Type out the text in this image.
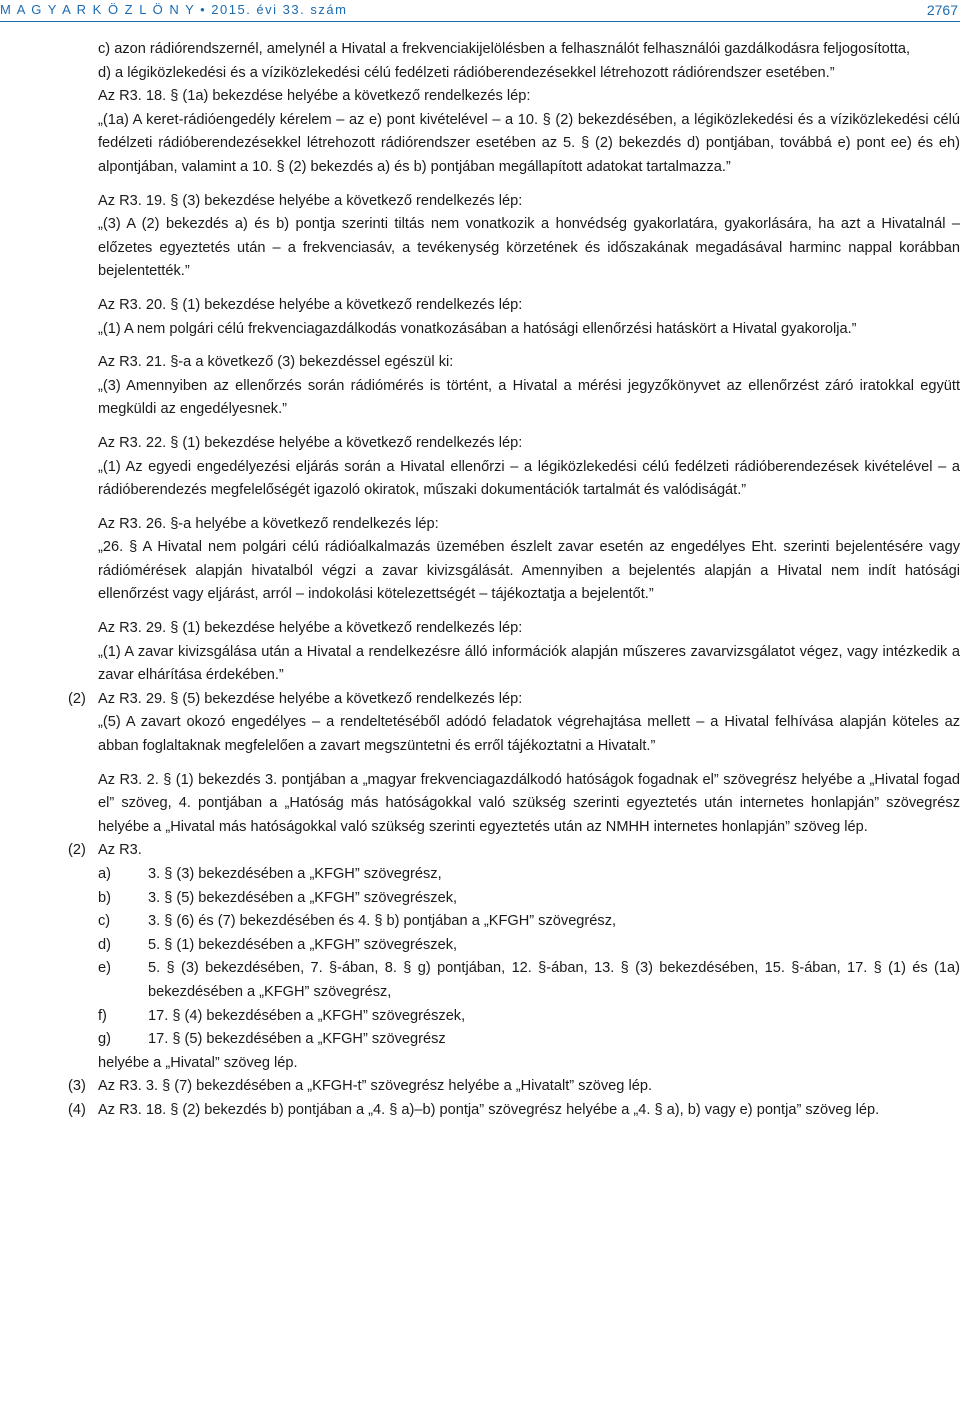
M A G Y A R K Ö Z L Ö N Y • 2015. évi 33. szám	2767

c) azon rádiórendszernél, amelynél a Hivatal a frekvenciakijelölésben a felhasználót felhasználói gazdálkodásra feljogosította,

d) a légiközlekedési és a víziközlekedési célú fedélzeti rádióberendezésekkel létrehozott rádiórendszer esetében.”

Az R3. 18. § (1a) bekezdése helyébe a következő rendelkezés lép:

„(1a) A keret-rádióengedély kérelem – az e) pont kivételével – a 10. § (2) bekezdésében, a légiközlekedési és a víziközlekedési célú fedélzeti rádióberendezésekkel létrehozott rádiórendszer esetében az 5. § (2) bekezdés d) pontjában, továbbá e) pont ee) és eh) alpontjában, valamint a 10. § (2) bekezdés a) és b) pontjában megállapított adatokat tartalmazza.”

Az R3. 19. § (3) bekezdése helyébe a következő rendelkezés lép:

„(3) A (2) bekezdés a) és b) pontja szerinti tiltás nem vonatkozik a honvédség gyakorlatára, gyakorlására, ha azt a Hivatalnál – előzetes egyeztetés után – a frekvenciasáv, a tevékenység körzetének és időszakának megadásával harminc nappal korábban bejelentették.”

Az R3. 20. § (1) bekezdése helyébe a következő rendelkezés lép:

„(1) A nem polgári célú frekvenciagazdálkodás vonatkozásában a hatósági ellenőrzési hatáskört a Hivatal gyakorolja.”

Az R3. 21. §-a a következő (3) bekezdéssel egészül ki:

„(3) Amennyiben az ellenőrzés során rádiómérés is történt, a Hivatal a mérési jegyzőkönyvet az ellenőrzést záró iratokkal együtt megküldi az engedélyesnek.”

Az R3. 22. § (1) bekezdése helyébe a következő rendelkezés lép:

„(1) Az egyedi engedélyezési eljárás során a Hivatal ellenőrzi – a légiközlekedési célú fedélzeti rádióberendezések kivételével – a rádióberendezés megfelelőségét igazoló okiratok, műszaki dokumentációk tartalmát és valódiságát.”

Az R3. 26. §-a helyébe a következő rendelkezés lép:

„26. § A Hivatal nem polgári célú rádióalkalmazás üzemében észlelt zavar esetén az engedélyes Eht. szerinti bejelentésére vagy rádiómérések alapján hivatalból végzi a zavar kivizsgálását. Amennyiben a bejelentés alapján a Hivatal nem indít hatósági ellenőrzést vagy eljárást, arról – indokolási kötelezettségét – tájékoztatja a bejelentőt.”

Az R3. 29. § (1) bekezdése helyébe a következő rendelkezés lép:

„(1) A zavar kivizsgálása után a Hivatal a rendelkezésre álló információk alapján műszeres zavarvizsgálatot végez, vagy intézkedik a zavar elhárítása érdekében.”

(2) Az R3. 29. § (5) bekezdése helyébe a következő rendelkezés lép:

„(5) A zavart okozó engedélyes – a rendeltetéséből adódó feladatok végrehajtása mellett – a Hivatal felhívása alapján köteles az abban foglaltaknak megfelelően a zavart megszüntetni és erről tájékoztatni a Hivatalt.”

Az R3. 2. § (1) bekezdés 3. pontjában a „magyar frekvenciagazdálkodó hatóságok fogadnak el” szövegrész helyébe a „Hivatal fogad el” szöveg, 4. pontjában a „Hatóság más hatóságokkal való szükség szerinti egyeztetés után internetes honlapján” szövegrész helyébe a „Hivatal más hatóságokkal való szükség szerinti egyeztetés után az NMHH internetes honlapján” szöveg lép.

(2) Az R3.

a)	3. § (3) bekezdésében a „KFGH” szövegrész,

b)	3. § (5) bekezdésében a „KFGH” szövegrészek,

c)	3. § (6) és (7) bekezdésében és 4. § b) pontjában a „KFGH” szövegrész,

d)	5. § (1) bekezdésében a „KFGH” szövegrészek,

e)	5. § (3) bekezdésében, 7. §-ában, 8. § g) pontjában, 12. §-ában, 13. § (3) bekezdésében, 15. §-ában, 17. § (1) és (1a) bekezdésében a „KFGH” szövegrész,

f)	17. § (4) bekezdésében a „KFGH” szövegrészek,

g)	17. § (5) bekezdésében a „KFGH” szövegrész

helyébe a „Hivatal” szöveg lép.

(3) Az R3. 3. § (7) bekezdésében a „KFGH-t” szövegrész helyébe a „Hivatalt” szöveg lép.

(4) Az R3. 18. § (2) bekezdés b) pontjában a „4. § a)–b) pontja” szövegrész helyébe a „4. § a), b) vagy e) pontja” szöveg lép.
